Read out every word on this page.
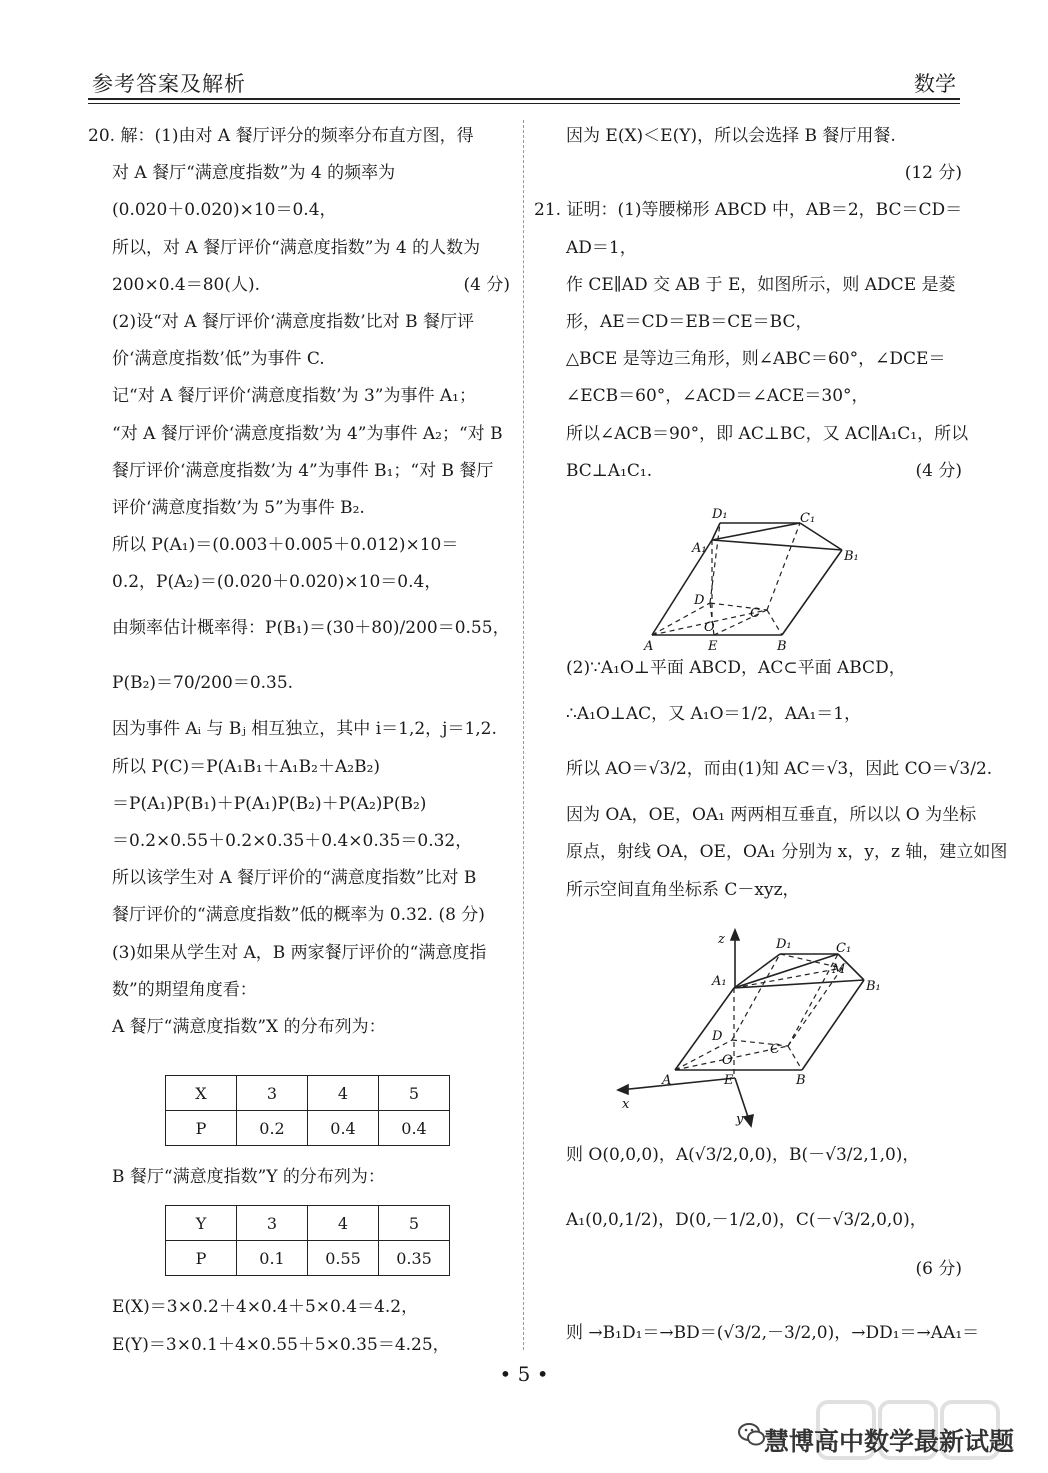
参考答案及解析	数学
20. 解：(1)由对 A 餐厅评分的频率分布直方图，得
对 A 餐厅“满意度指数”为 4 的频率为
(0.020＋0.020)×10＝0.4，
所以，对 A 餐厅评价“满意度指数”为 4 的人数为
200×0.4＝80(人).	(4 分)
(2)设“对 A 餐厅评价‘满意度指数’比对 B 餐厅评
价‘满意度指数’低”为事件 C.
记“对 A 餐厅评价‘满意度指数’为 3”为事件 A₁；
“对 A 餐厅评价‘满意度指数’为 4”为事件 A₂；“对 B
餐厅评价‘满意度指数’为 4”为事件 B₁；“对 B 餐厅
评价‘满意度指数’为 5”为事件 B₂.
所以 P(A₁)＝(0.003＋0.005＋0.012)×10＝
0.2，P(A₂)＝(0.020＋0.020)×10＝0.4，
由频率估计概率得：P(B₁)＝(30＋80)/200＝0.55，
P(B₂)＝70/200＝0.35.
因为事件 Aᵢ 与 Bⱼ 相互独立，其中 i＝1,2，j＝1,2.
所以 P(C)＝P(A₁B₁＋A₁B₂＋A₂B₂)
＝P(A₁)P(B₁)＋P(A₁)P(B₂)＋P(A₂)P(B₂)
＝0.2×0.55＋0.2×0.35＋0.4×0.35＝0.32，
所以该学生对 A 餐厅评价的“满意度指数”比对 B
餐厅评价的“满意度指数”低的概率为 0.32. (8 分)
(3)如果从学生对 A，B 两家餐厅评价的“满意度指
数”的期望角度看：
A 餐厅“满意度指数”X 的分布列为：
X	3	4	5
P	0.2	0.4	0.4
B 餐厅“满意度指数”Y 的分布列为：
Y	3	4	5
P	0.1	0.55	0.35
E(X)＝3×0.2＋4×0.4＋5×0.4＝4.2，
E(Y)＝3×0.1＋4×0.55＋5×0.35＝4.25，
因为 E(X)＜E(Y)，所以会选择 B 餐厅用餐.
(12 分)
21. 证明：(1)等腰梯形 ABCD 中，AB＝2，BC＝CD＝
AD＝1，
作 CE∥AD 交 AB 于 E，如图所示，则 ADCE 是菱
形，AE＝CD＝EB＝CE＝BC，
△BCE 是等边三角形，则∠ABC＝60°，∠DCE＝
∠ECB＝60°，∠ACD＝∠ACE＝30°，
所以∠ACB＝90°，即 AC⊥BC，又 AC∥A₁C₁，所以
BC⊥A₁C₁.	(4 分)
D₁	C₁
A₁
B₁
D
C
O
A	E	B
(2)∵A₁O⊥平面 ABCD，AC⊂平面 ABCD，
∴A₁O⊥AC，又 A₁O＝1/2，AA₁＝1，
所以 AO＝√3/2，而由(1)知 AC＝√3，因此 CO＝√3/2.
因为 OA，OE，OA₁ 两两相互垂直，所以以 O 为坐标
原点，射线 OA，OE，OA₁ 分别为 x，y，z 轴，建立如图
所示空间直角坐标系 C－xyz，
z	D₁	C₁
M
A₁	B₁
D
C
O
x
A	E	B
y
则 O(0,0,0)，A(√3/2,0,0)，B(－√3/2,1,0)，
A₁(0,0,1/2)，D(0,－1/2,0)，C(－√3/2,0,0)，
(6 分)
则 →B₁D₁＝→BD＝(√3/2,－3/2,0)，→DD₁＝→AA₁＝
• 5 •
慧博高中数学最新试题
